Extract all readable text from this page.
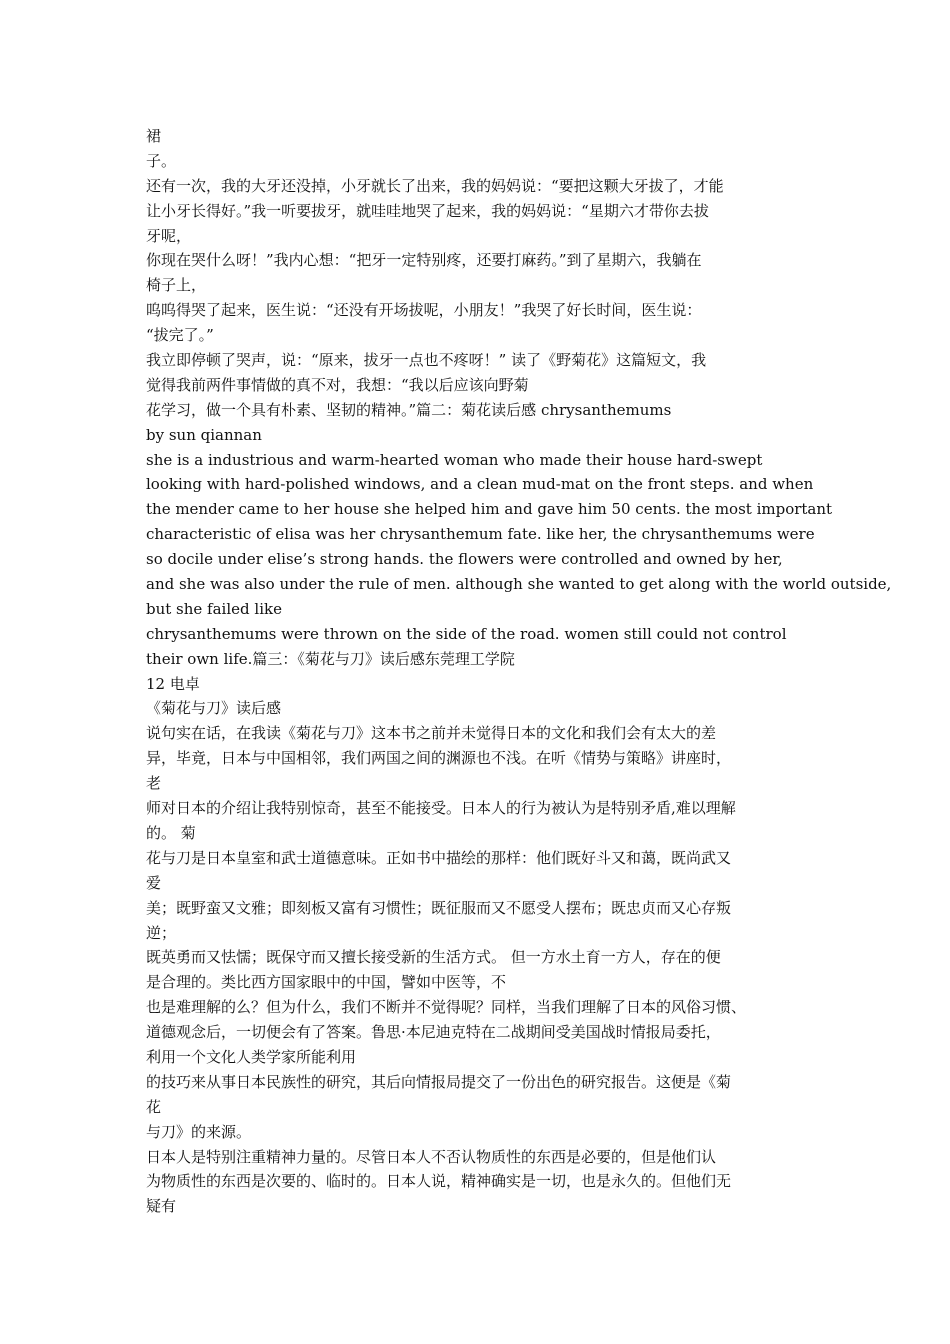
裙
子。
还有一次，我的大牙还没掉，小牙就长了出来，我的妈妈说：“要把这颗大牙拔了，才能
让小牙长得好。”我一听要拔牙，就哇哇地哭了起来，我的妈妈说：“星期六才带你去拔
牙呢，
你现在哭什么呀！”我内心想：“把牙一定特别疼，还要打麻药。”到了星期六，我躺在
椅子上，
呜呜得哭了起来，医生说：“还没有开场拔呢，小朋友！”我哭了好长时间，医生说：
“拔完了。”
我立即停顿了哭声，说：“原来，拔牙一点也不疼呀！” 读了《野菊花》这篇短文，我
觉得我前两件事情做的真不对，我想：“我以后应该向野菊
花学习，做一个具有朴素、坚韧的精神。”篇二：菊花读后感 chrysanthemums
by sun qiannan
she is a industrious and warm-hearted woman who made their house hard-swept
looking with hard-polished windows, and a clean mud-mat on the front steps. and when
the mender came to her house she helped him and gave him 50 cents. the most important
characteristic of elisa was her chrysanthemum fate. like her, the chrysanthemums were
so docile under elise’s strong hands. the flowers were controlled and owned by her,
and she was also under the rule of men. although she wanted to get along with the world outside,
but she failed like
chrysanthemums were thrown on the side of the road. women still could not control
their own life.篇三：《菊花与刀》读后感东莞理工学院
12 电卓
《菊花与刀》读后感
说句实在话，在我读《菊花与刀》这本书之前并未觉得日本的文化和我们会有太大的差
异，毕竟，日本与中国相邻，我们两国之间的渊源也不浅。在听《情势与策略》讲座时，
老
师对日本的介绍让我特别惊奇，甚至不能接受。日本人的行为被认为是特别矛盾,难以理解
的。 菊
花与刀是日本皇室和武士道德意味。正如书中描绘的那样：他们既好斗又和蔼，既尚武又
爱
美；既野蛮又文雅；即刻板又富有习惯性；既征服而又不愿受人摆布；既忠贞而又心存叛
逆；
既英勇而又怯懦；既保守而又擅长接受新的生活方式。 但一方水土育一方人，存在的便
是合理的。类比西方国家眼中的中国，譬如中医等，不
也是难理解的么？但为什么，我们不断并不觉得呢？同样，当我们理解了日本的风俗习惯、
道德观念后，一切便会有了答案。鲁思·本尼迪克特在二战期间受美国战时情报局委托，
利用一个文化人类学家所能利用
的技巧来从事日本民族性的研究，其后向情报局提交了一份出色的研究报告。这便是《菊
花
与刀》的来源。
日本人是特别注重精神力量的。尽管日本人不否认物质性的东西是必要的，但是他们认
为物质性的东西是次要的、临时的。日本人说，精神确实是一切，也是永久的。但他们无
疑有
